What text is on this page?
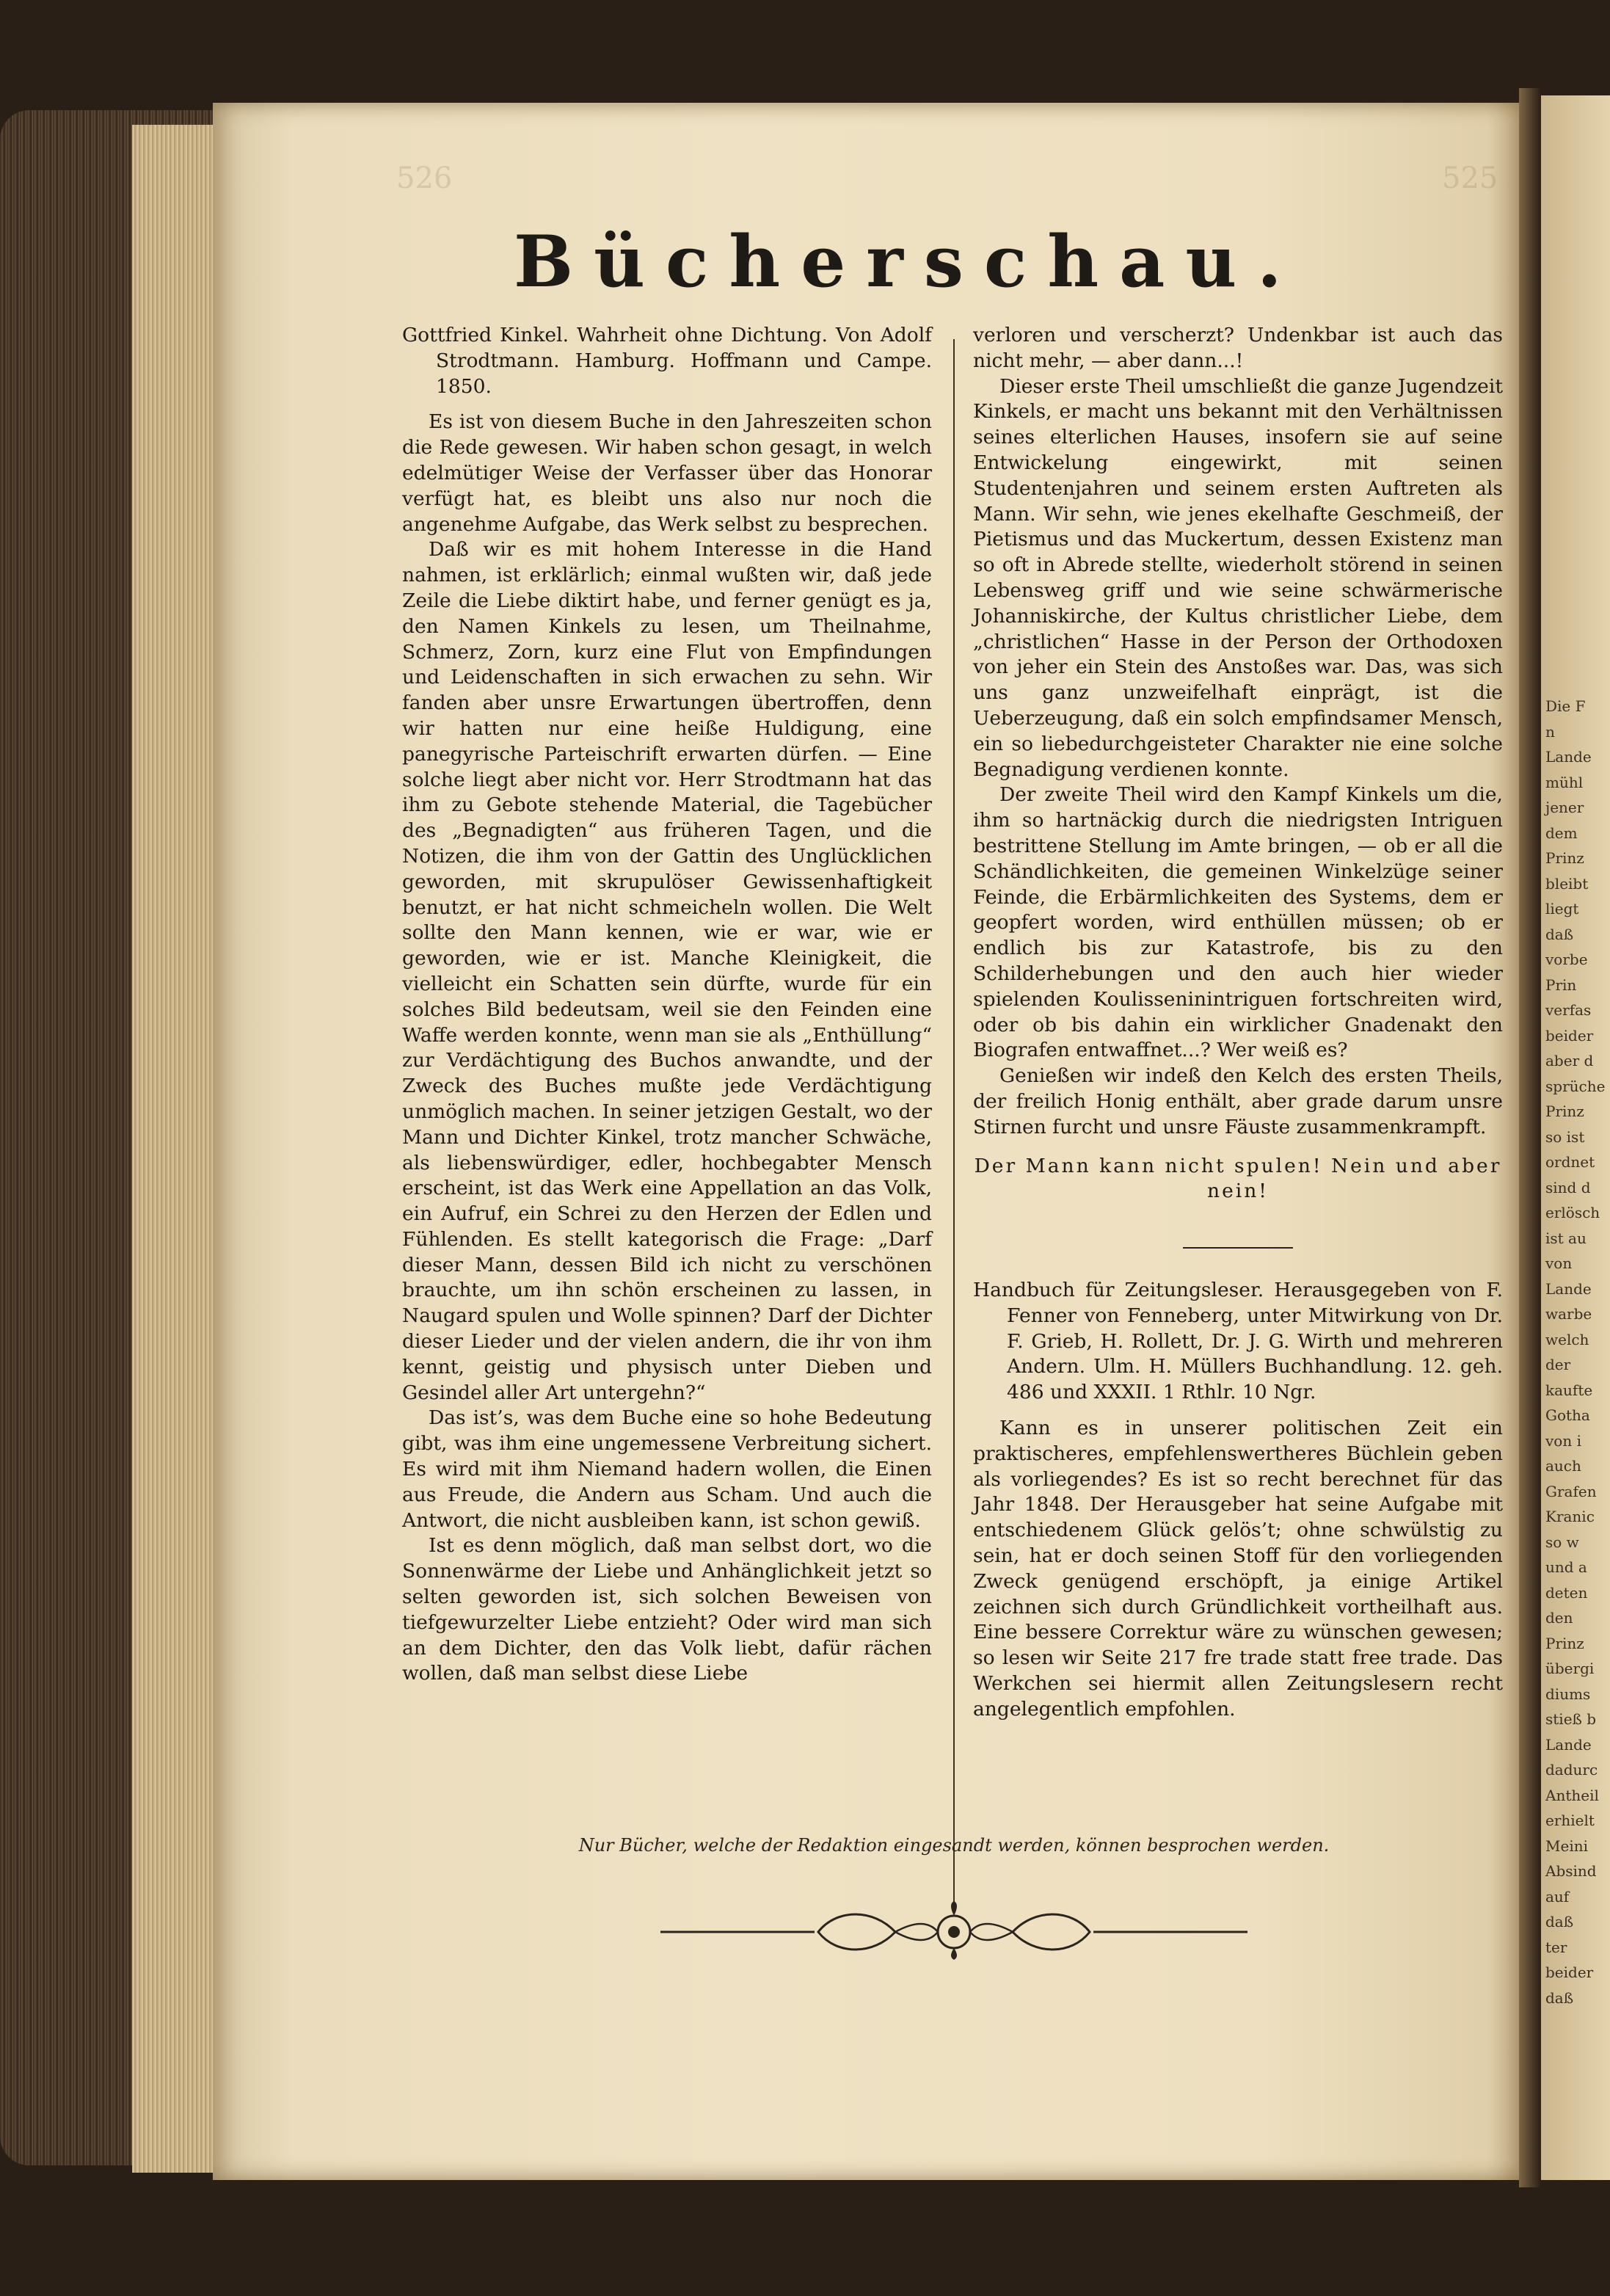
526	525
Bücherschau.

Gottfried Kinkel. Wahrheit ohne Dichtung. Von Adolf Strodtmann. Hamburg. Hoffmann und Campe. 1850.

Es ist von diesem Buche in den Jahreszeiten schon die Rede gewesen. Wir haben schon gesagt, in welch edelmütiger Weise der Verfasser über das Honorar verfügt hat, es bleibt uns also nur noch die angenehme Aufgabe, das Werk selbst zu besprechen.

Daß wir es mit hohem Interesse in die Hand nahmen, ist erklärlich; einmal wußten wir, daß jede Zeile die Liebe diktirt habe, und ferner genügt es ja, den Namen Kinkels zu lesen, um Theilnahme, Schmerz, Zorn, kurz eine Flut von Empfindungen und Leidenschaften in sich erwachen zu sehn. Wir fanden aber unsre Erwartungen übertroffen, denn wir hatten nur eine heiße Huldigung, eine panegyrische Parteischrift erwarten dürfen. — Eine solche liegt aber nicht vor. Herr Strodtmann hat das ihm zu Gebote stehende Material, die Tagebücher des „Begnadigten“ aus früheren Tagen, und die Notizen, die ihm von der Gattin des Unglücklichen geworden, mit skrupulöser Gewissenhaftigkeit benutzt, er hat nicht schmeicheln wollen. Die Welt sollte den Mann kennen, wie er war, wie er geworden, wie er ist. Manche Kleinigkeit, die vielleicht ein Schatten sein dürfte, wurde für ein solches Bild bedeutsam, weil sie den Feinden eine Waffe werden konnte, wenn man sie als „Enthüllung“ zur Verdächtigung des Buchos anwandte, und der Zweck des Buches mußte jede Verdächtigung unmöglich machen. In seiner jetzigen Gestalt, wo der Mann und Dichter Kinkel, trotz mancher Schwäche, als liebenswürdiger, edler, hochbegabter Mensch erscheint, ist das Werk eine Appellation an das Volk, ein Aufruf, ein Schrei zu den Herzen der Edlen und Fühlenden. Es stellt kategorisch die Frage: „Darf dieser Mann, dessen Bild ich nicht zu verschönen brauchte, um ihn schön erscheinen zu lassen, in Naugard spulen und Wolle spinnen? Darf der Dichter dieser Lieder und der vielen andern, die ihr von ihm kennt, geistig und physisch unter Dieben und Gesindel aller Art untergehn?“

Das ist’s, was dem Buche eine so hohe Bedeutung gibt, was ihm eine ungemessene Verbreitung sichert. Es wird mit ihm Niemand hadern wollen, die Einen aus Freude, die Andern aus Scham. Und auch die Antwort, die nicht ausbleiben kann, ist schon gewiß.

Ist es denn möglich, daß man selbst dort, wo die Sonnenwärme der Liebe und Anhänglichkeit jetzt so selten geworden ist, sich solchen Beweisen von tiefgewurzelter Liebe entzieht? Oder wird man sich an dem Dichter, den das Volk liebt, dafür rächen wollen, daß man selbst diese Liebe

verloren und verscherzt? Undenkbar ist auch das nicht mehr, — aber dann...!

Dieser erste Theil umschließt die ganze Jugendzeit Kinkels, er macht uns bekannt mit den Verhältnissen seines elterlichen Hauses, insofern sie auf seine Entwickelung eingewirkt, mit seinen Studentenjahren und seinem ersten Auftreten als Mann. Wir sehn, wie jenes ekelhafte Geschmeiß, der Pietismus und das Muckertum, dessen Existenz man so oft in Abrede stellte, wiederholt störend in seinen Lebensweg griff und wie seine schwärmerische Johanniskirche, der Kultus christlicher Liebe, dem „christlichen“ Hasse in der Person der Orthodoxen von jeher ein Stein des Anstoßes war. Das, was sich uns ganz unzweifelhaft einprägt, ist die Ueberzeugung, daß ein solch empfindsamer Mensch, ein so liebedurchgeisteter Charakter nie eine solche Begnadigung verdienen konnte.

Der zweite Theil wird den Kampf Kinkels um die, ihm so hartnäckig durch die niedrigsten Intriguen bestrittene Stellung im Amte bringen, — ob er all die Schändlichkeiten, die gemeinen Winkelzüge seiner Feinde, die Erbärmlichkeiten des Systems, dem er geopfert worden, wird enthüllen müssen; ob er endlich bis zur Katastrofe, bis zu den Schilderhebungen und den auch hier wieder spielenden Koulisseninintriguen fortschreiten wird, oder ob bis dahin ein wirklicher Gnadenakt den Biografen entwaffnet...? Wer weiß es?

Genießen wir indeß den Kelch des ersten Theils, der freilich Honig enthält, aber grade darum unsre Stirnen furcht und unsre Fäuste zusammenkrampft.

Der Mann kann nicht spulen! Nein und aber nein!

Handbuch für Zeitungsleser. Herausgegeben von F. Fenner von Fenneberg, unter Mitwirkung von Dr. F. Grieb, H. Rollett, Dr. J. G. Wirth und mehreren Andern. Ulm. H. Müllers Buchhandlung. 12. geh. 486 und XXXII. 1 Rthlr. 10 Ngr.

Kann es in unserer politischen Zeit ein praktischeres, empfehlenswertheres Büchlein geben als vorliegendes? Es ist so recht berechnet für das Jahr 1848. Der Herausgeber hat seine Aufgabe mit entschiedenem Glück gelös’t; ohne schwülstig zu sein, hat er doch seinen Stoff für den vorliegenden Zweck genügend erschöpft, ja einige Artikel zeichnen sich durch Gründlichkeit vortheilhaft aus. Eine bessere Correktur wäre zu wünschen gewesen; so lesen wir Seite 217 fre trade statt free trade. Das Werkchen sei hiermit allen Zeitungslesern recht angelegentlich empfohlen.

Nur Bücher, welche der Redaktion eingesandt werden, können besprochen werden.
Die F
n
Lande
mühl
jener
dem
Prinz
bleibt
liegt
daß
vorbe
Prin
verfas
beider
aber d
sprüche
Prinz
so ist
ordnet
sind d
erlösch
ist au
von
Lande
warbe
welch
der
kaufte
Gotha
von i
auch
Grafen
Kranic
so w
und a
deten
den
Prinz
übergi
diums
stieß b
Lande
dadurc
Antheil
erhielt
Meini
Absind
auf
daß
ter
beider
daß
